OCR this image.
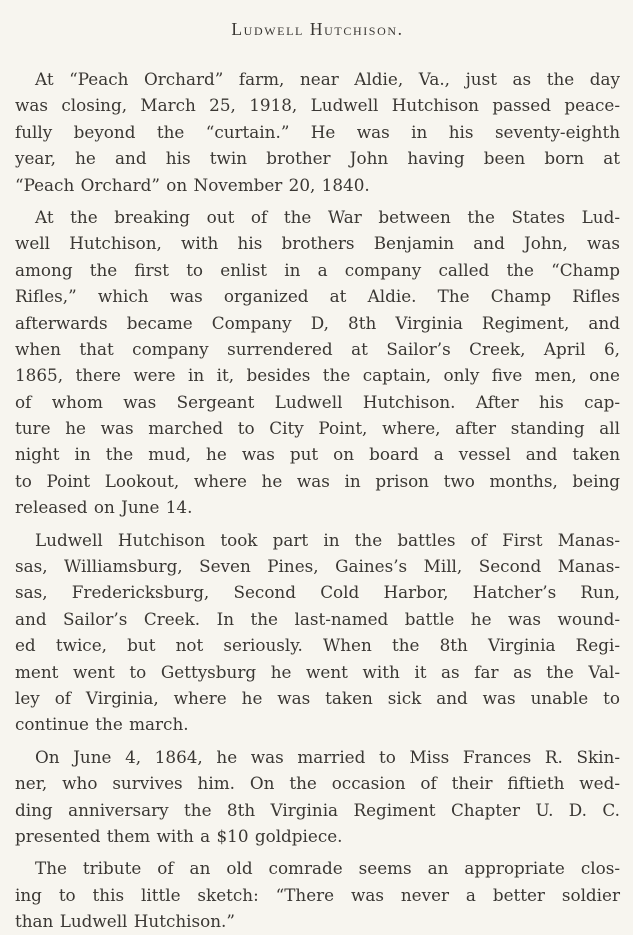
Ludwell Hutchison.
At “Peach Orchard” farm, near Aldie, Va., just as the day
was closing, March 25, 1918, Ludwell Hutchison passed peace-
fully beyond the “curtain.” He was in his seventy-eighth
year, he and his twin brother John having been born at
“Peach Orchard” on November 20, 1840.
At the breaking out of the War between the States Lud-
well Hutchison, with his brothers Benjamin and John, was
among the first to enlist in a company called the “Champ
Rifles,” which was organized at Aldie. The Champ Rifles
afterwards became Company D, 8th Virginia Regiment, and
when that company surrendered at Sailor’s Creek, April 6,
1865, there were in it, besides the captain, only five men, one
of whom was Sergeant Ludwell Hutchison. After his cap-
ture he was marched to City Point, where, after standing all
night in the mud, he was put on board a vessel and taken
to Point Lookout, where he was in prison two months, being
released on June 14.
Ludwell Hutchison took part in the battles of First Manas-
sas, Williamsburg, Seven Pines, Gaines’s Mill, Second Manas-
sas, Fredericksburg, Second Cold Harbor, Hatcher’s Run,
and Sailor’s Creek. In the last-named battle he was wound-
ed twice, but not seriously. When the 8th Virginia Regi-
ment went to Gettysburg he went with it as far as the Val-
ley of Virginia, where he was taken sick and was unable to
continue the march.
On June 4, 1864, he was married to Miss Frances R. Skin-
ner, who survives him. On the occasion of their fiftieth wed-
ding anniversary the 8th Virginia Regiment Chapter U. D. C.
presented them with a $10 goldpiece.
The tribute of an old comrade seems an appropriate clos-
ing to this little sketch: “There was never a better soldier
than Ludwell Hutchison.”
